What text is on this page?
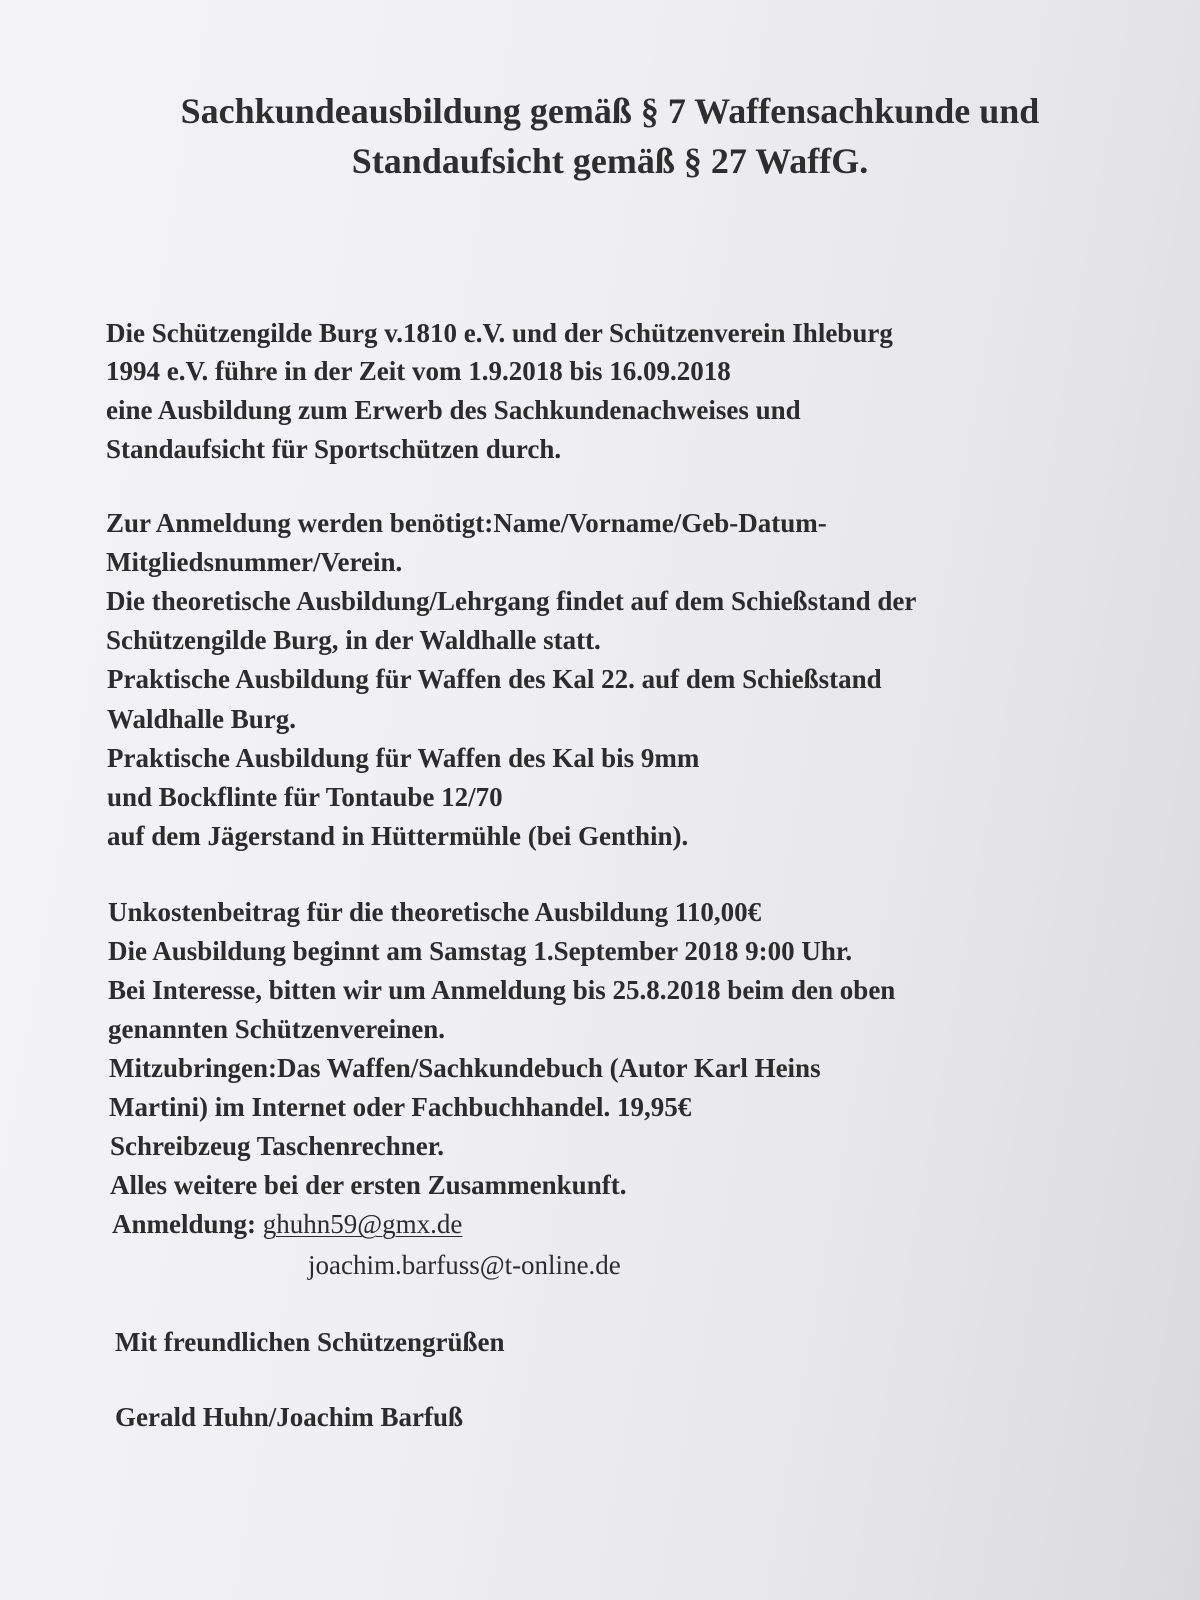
Sachkundeausbildung gemäß § 7 Waffensachkunde und
Standaufsicht gemäß § 27 WaffG.
Die Schützengilde Burg v.1810 e.V. und der Schützenverein Ihleburg
1994 e.V. führe in der Zeit vom 1.9.2018 bis 16.09.2018
eine Ausbildung zum Erwerb des Sachkundenachweises und
Standaufsicht für Sportschützen durch.
Zur Anmeldung werden benötigt:Name/Vorname/Geb-Datum-
Mitgliedsnummer/Verein.
Die theoretische Ausbildung/Lehrgang findet auf dem Schießstand der
Schützengilde Burg, in der Waldhalle statt.
Praktische Ausbildung für Waffen des Kal 22. auf dem Schießstand
Waldhalle Burg.
Praktische Ausbildung für Waffen des Kal bis 9mm
und Bockflinte für Tontaube 12/70
auf dem Jägerstand in Hüttermühle (bei Genthin).
Unkostenbeitrag für die theoretische Ausbildung 110,00€
Die Ausbildung beginnt am Samstag 1.September 2018 9:00 Uhr.
Bei Interesse, bitten wir um Anmeldung bis 25.8.2018 beim den oben
genannten Schützenvereinen.
Mitzubringen:Das Waffen/Sachkundebuch (Autor Karl Heins
Martini) im Internet oder Fachbuchhandel. 19,95€
Schreibzeug Taschenrechner.
Alles weitere bei der ersten Zusammenkunft.
Anmeldung: ghuhn59@gmx.de
joachim.barfuss@t-online.de
Mit freundlichen Schützengrüßen
Gerald Huhn/Joachim Barfuß
